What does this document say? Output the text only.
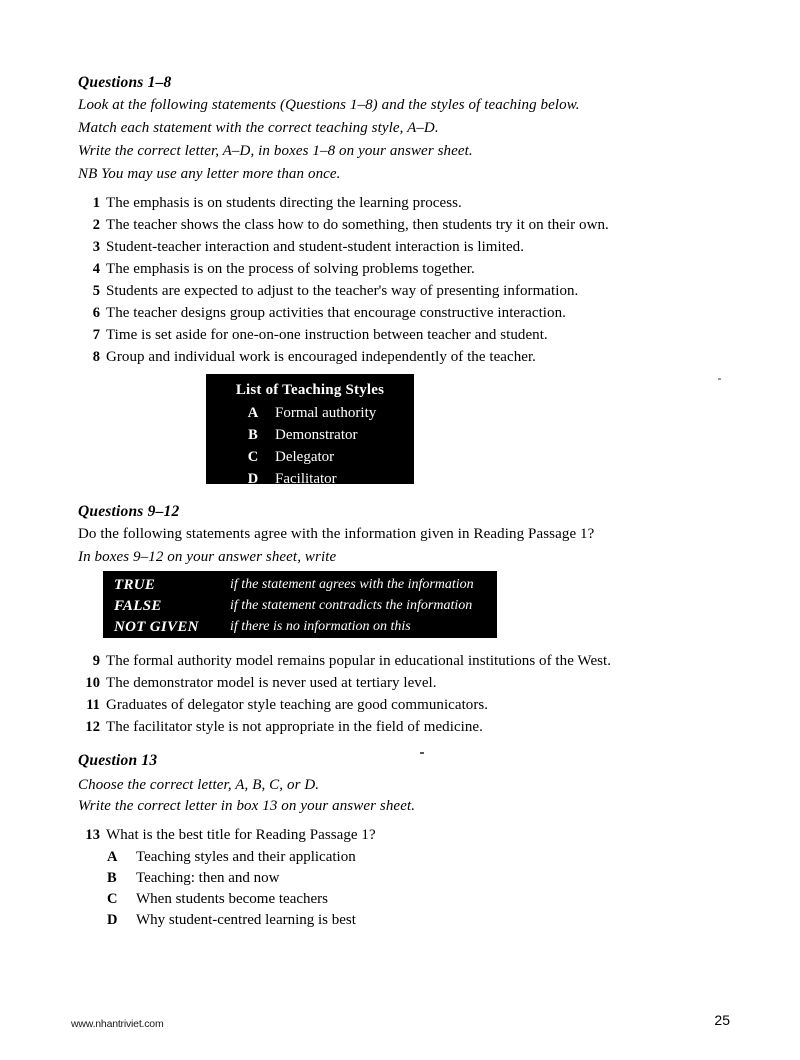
Questions 1–8
Look at the following statements (Questions 1–8) and the styles of teaching below.
Match each statement with the correct teaching style, A–D.
Write the correct letter, A–D, in boxes 1–8 on your answer sheet.
NB You may use any letter more than once.
1 The emphasis is on students directing the learning process.
2 The teacher shows the class how to do something, then students try it on their own.
3 Student-teacher interaction and student-student interaction is limited.
4 The emphasis is on the process of solving problems together.
5 Students are expected to adjust to the teacher's way of presenting information.
6 The teacher designs group activities that encourage constructive interaction.
7 Time is set aside for one-on-one instruction between teacher and student.
8 Group and individual work is encouraged independently of the teacher.
List of Teaching Styles
A Formal authority
B Demonstrator
C Delegator
D Facilitator
Questions 9–12
Do the following statements agree with the information given in Reading Passage 1?
In boxes 9–12 on your answer sheet, write
TRUE	if the statement agrees with the information
FALSE	if the statement contradicts the information
NOT GIVEN if there is no information on this
9 The formal authority model remains popular in educational institutions of the West.
10 The demonstrator model is never used at tertiary level.
11 Graduates of delegator style teaching are good communicators.
12 The facilitator style is not appropriate in the field of medicine.
Question 13
Choose the correct letter, A, B, C, or D.
Write the correct letter in box 13 on your answer sheet.
13 What is the best title for Reading Passage 1?
A Teaching styles and their application
B Teaching: then and now
C When students become teachers
D Why student-centred learning is best
www.nhantriviet.com	25
